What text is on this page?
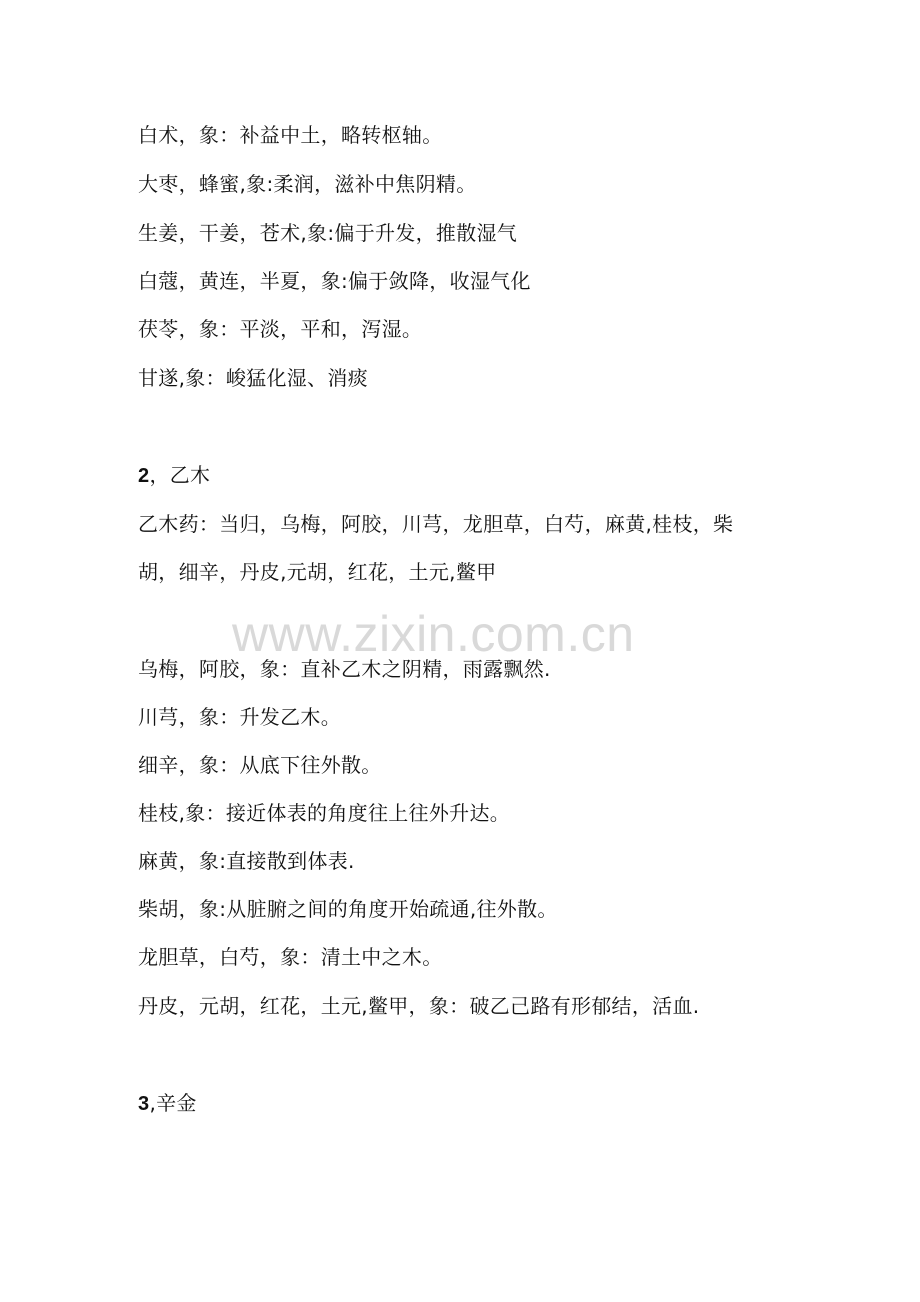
白术，象：补益中土，略转枢轴。
大枣，蜂蜜,象:柔润，滋补中焦阴精。
生姜，干姜，苍术,象:偏于升发，推散湿气
白蔻，黄连，半夏，象:偏于敛降，收湿气化
茯苓，象：平淡，平和，泻湿。
甘遂,象：峻猛化湿、消痰
2，乙木
乙木药：当归，乌梅，阿胶，川芎，龙胆草，白芍，麻黄,桂枝，柴
胡，细辛，丹皮,元胡，红花，土元,鳖甲
www.zixin.com.cn
乌梅，阿胶，象：直补乙木之阴精，雨露飘然.
川芎，象：升发乙木。
细辛，象：从底下往外散。
桂枝,象：接近体表的角度往上往外升达。
麻黄，象:直接散到体表.
柴胡，象:从脏腑之间的角度开始疏通,往外散。
龙胆草，白芍，象：清土中之木。
丹皮，元胡，红花，土元,鳖甲，象：破乙己路有形郁结，活血.
3,辛金
